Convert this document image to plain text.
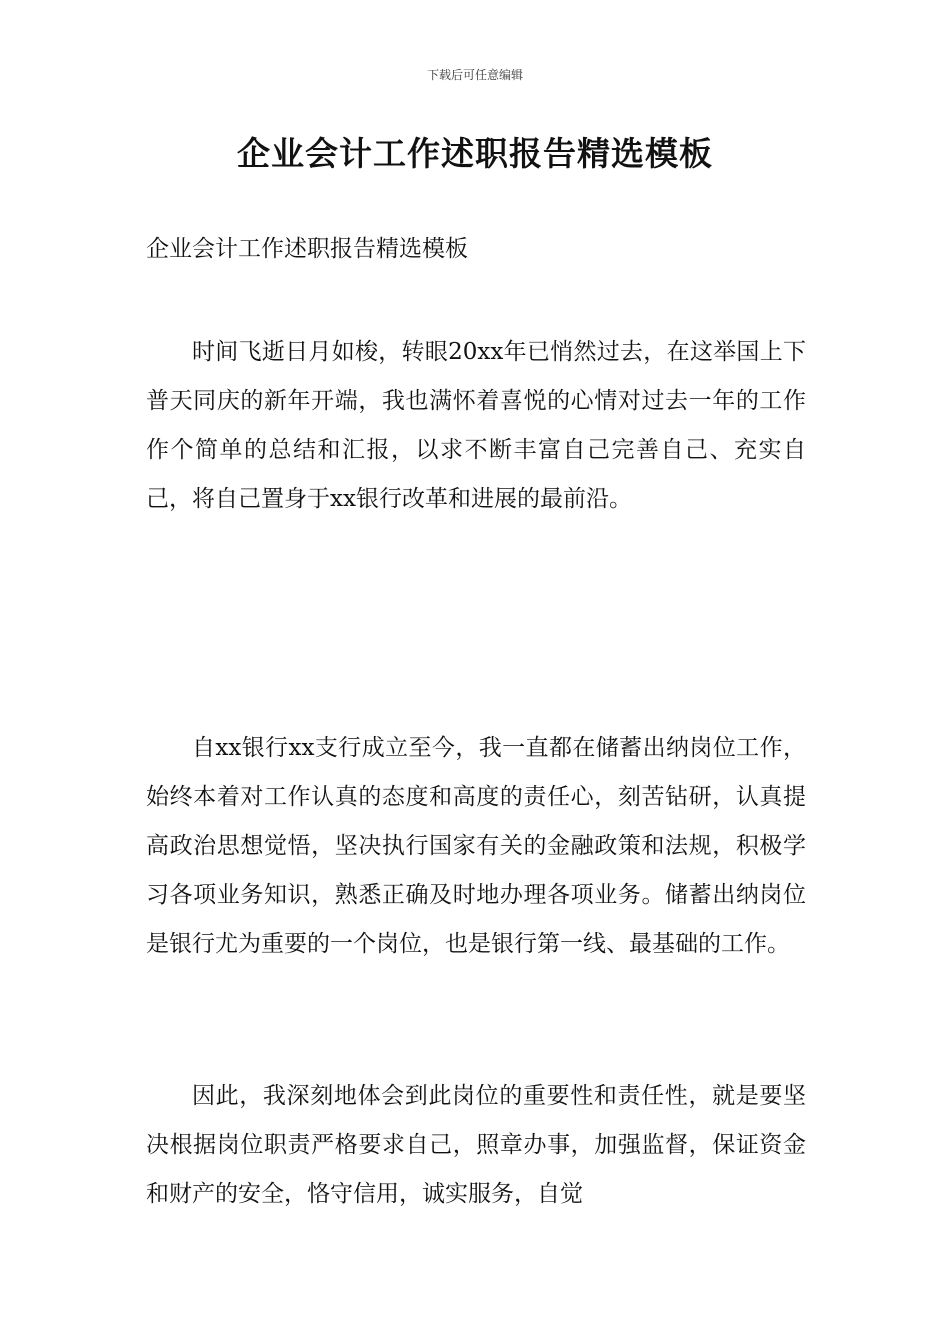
下载后可任意编辑
企业会计工作述职报告精选模板
企业会计工作述职报告精选模板

时间飞逝日月如梭，转眼20xx年已悄然过去，在这举国上下普天同庆的新年开端，我也满怀着喜悦的心情对过去一年的工作作个简单的总结和汇报，以求不断丰富自己完善自己、充实自己，将自己置身于xx银行改革和进展的最前沿。

自xx银行xx支行成立至今，我一直都在储蓄出纳岗位工作，始终本着对工作认真的态度和高度的责任心，刻苦钻研，认真提高政治思想觉悟，坚决执行国家有关的金融政策和法规，积极学习各项业务知识，熟悉正确及时地办理各项业务。储蓄出纳岗位是银行尤为重要的一个岗位，也是银行第一线、最基础的工作。

因此，我深刻地体会到此岗位的重要性和责任性，就是要坚决根据岗位职责严格要求自己，照章办事，加强监督，保证资金和财产的安全，恪守信用，诚实服务，自觉
